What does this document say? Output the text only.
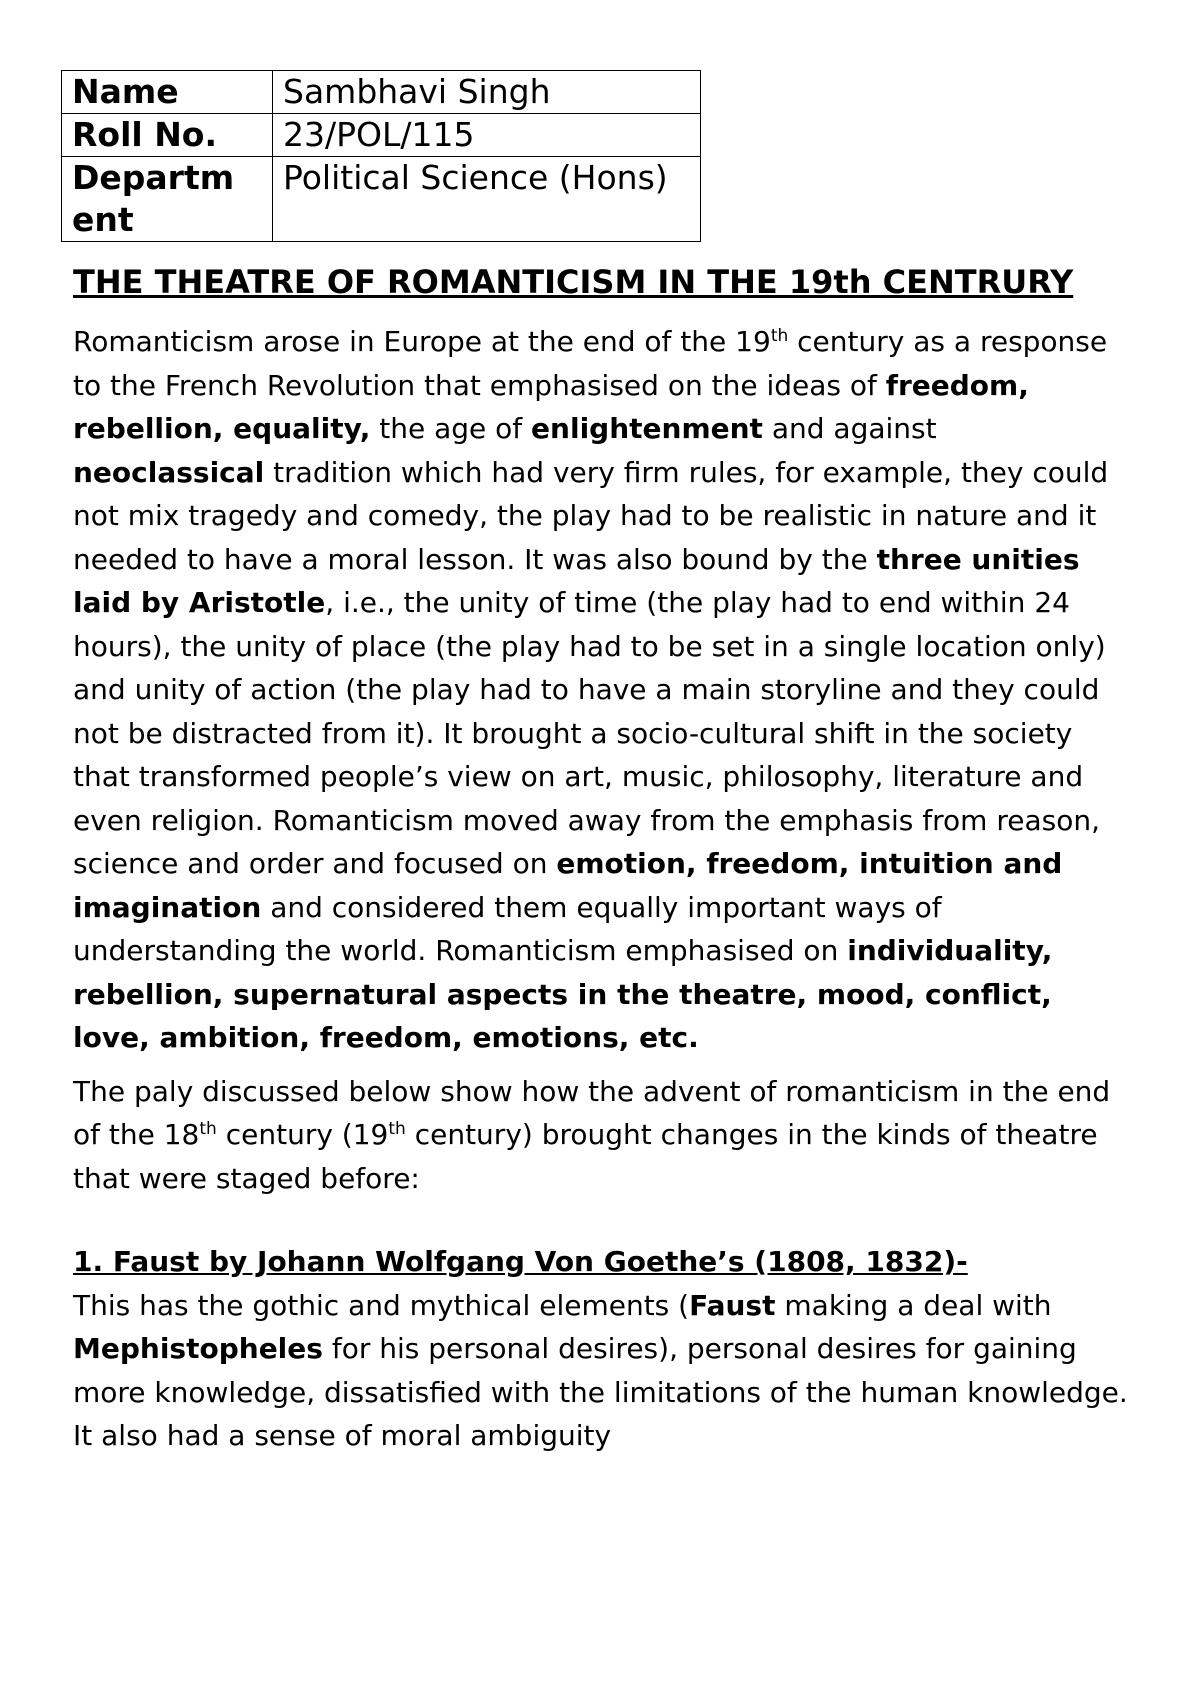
Name	Sambhavi Singh
Roll No.	23/POL/115
Departm ent	Political Science (Hons)
THE THEATRE OF ROMANTICISM IN THE 19th CENTRURY

Romanticism arose in Europe at the end of the 19th century as a response to the French Revolution that emphasised on the ideas of freedom, rebellion, equality, the age of enlightenment and against neoclassical tradition which had very firm rules, for example, they could not mix tragedy and comedy, the play had to be realistic in nature and it needed to have a moral lesson. It was also bound by the three unities laid by Aristotle, i.e., the unity of time (the play had to end within 24 hours), the unity of place (the play had to be set in a single location only) and unity of action (the play had to have a main storyline and they could not be distracted from it). It brought a socio-cultural shift in the society that transformed people’s view on art, music, philosophy, literature and even religion. Romanticism moved away from the emphasis from reason, science and order and focused on emotion, freedom, intuition and imagination and considered them equally important ways of understanding the world. Romanticism emphasised on individuality, rebellion, supernatural aspects in the theatre, mood, conflict, love, ambition, freedom, emotions, etc.

The paly discussed below show how the advent of romanticism in the end of the 18th century (19th century) brought changes in the kinds of theatre that were staged before:

1. Faust by Johann Wolfgang Von Goethe’s (1808, 1832)-

This has the gothic and mythical elements (Faust making a deal with Mephistopheles for his personal desires), personal desires for gaining more knowledge, dissatisfied with the limitations of the human knowledge. It also had a sense of moral ambiguity
